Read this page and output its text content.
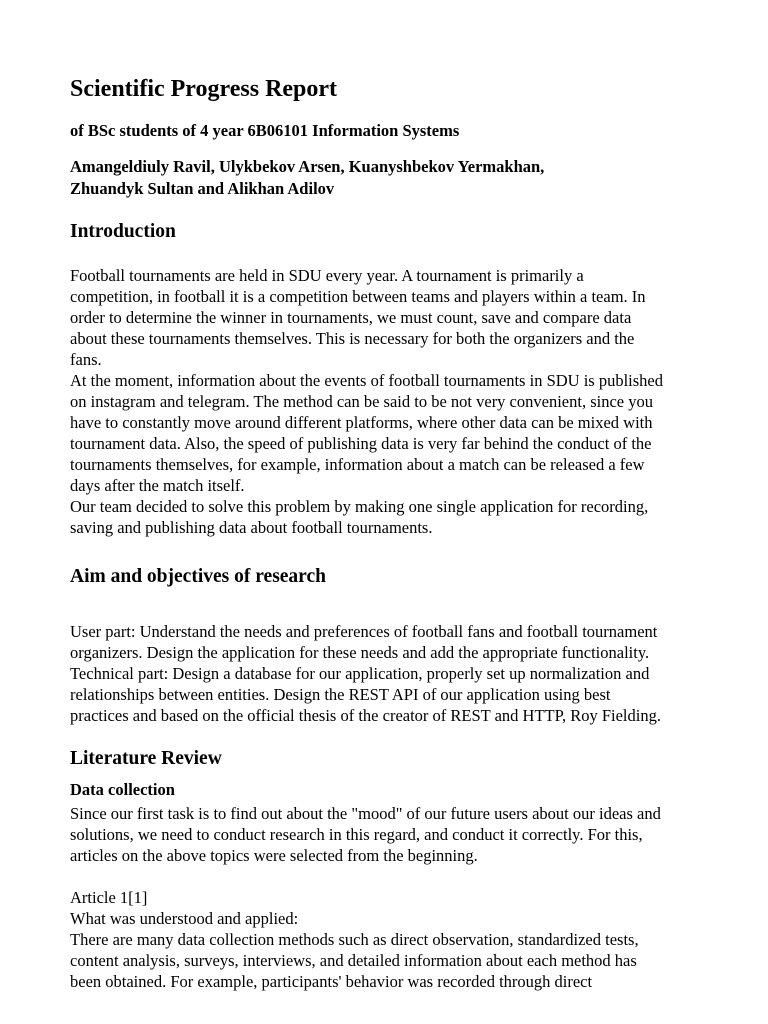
Scientific Progress Report
of BSc students of 4 year 6B06101 Information Systems
Amangeldiuly Ravil, Ulykbekov Arsen, Kuanyshbekov Yermakhan,
Zhuandyk Sultan and Alikhan Adilov
Introduction
Football tournaments are held in SDU every year. A tournament is primarily a
competition, in football it is a competition between teams and players within a team. In
order to determine the winner in tournaments, we must count, save and compare data
about these tournaments themselves. This is necessary for both the organizers and the
fans.
At the moment, information about the events of football tournaments in SDU is published
on instagram and telegram. The method can be said to be not very convenient, since you
have to constantly move around different platforms, where other data can be mixed with
tournament data. Also, the speed of publishing data is very far behind the conduct of the
tournaments themselves, for example, information about a match can be released a few
days after the match itself.
Our team decided to solve this problem by making one single application for recording,
saving and publishing data about football tournaments.
Aim and objectives of research
User part: Understand the needs and preferences of football fans and football tournament
organizers. Design the application for these needs and add the appropriate functionality.
Technical part: Design a database for our application, properly set up normalization and
relationships between entities. Design the REST API of our application using best
practices and based on the official thesis of the creator of REST and HTTP, Roy Fielding.
Literature Review
Data collection
Since our first task is to find out about the "mood" of our future users about our ideas and
solutions, we need to conduct research in this regard, and conduct it correctly. For this,
articles on the above topics were selected from the beginning.
Article 1[1]
What was understood and applied:
There are many data collection methods such as direct observation, standardized tests,
content analysis, surveys, interviews, and detailed information about each method has
been obtained. For example, participants' behavior was recorded through direct
